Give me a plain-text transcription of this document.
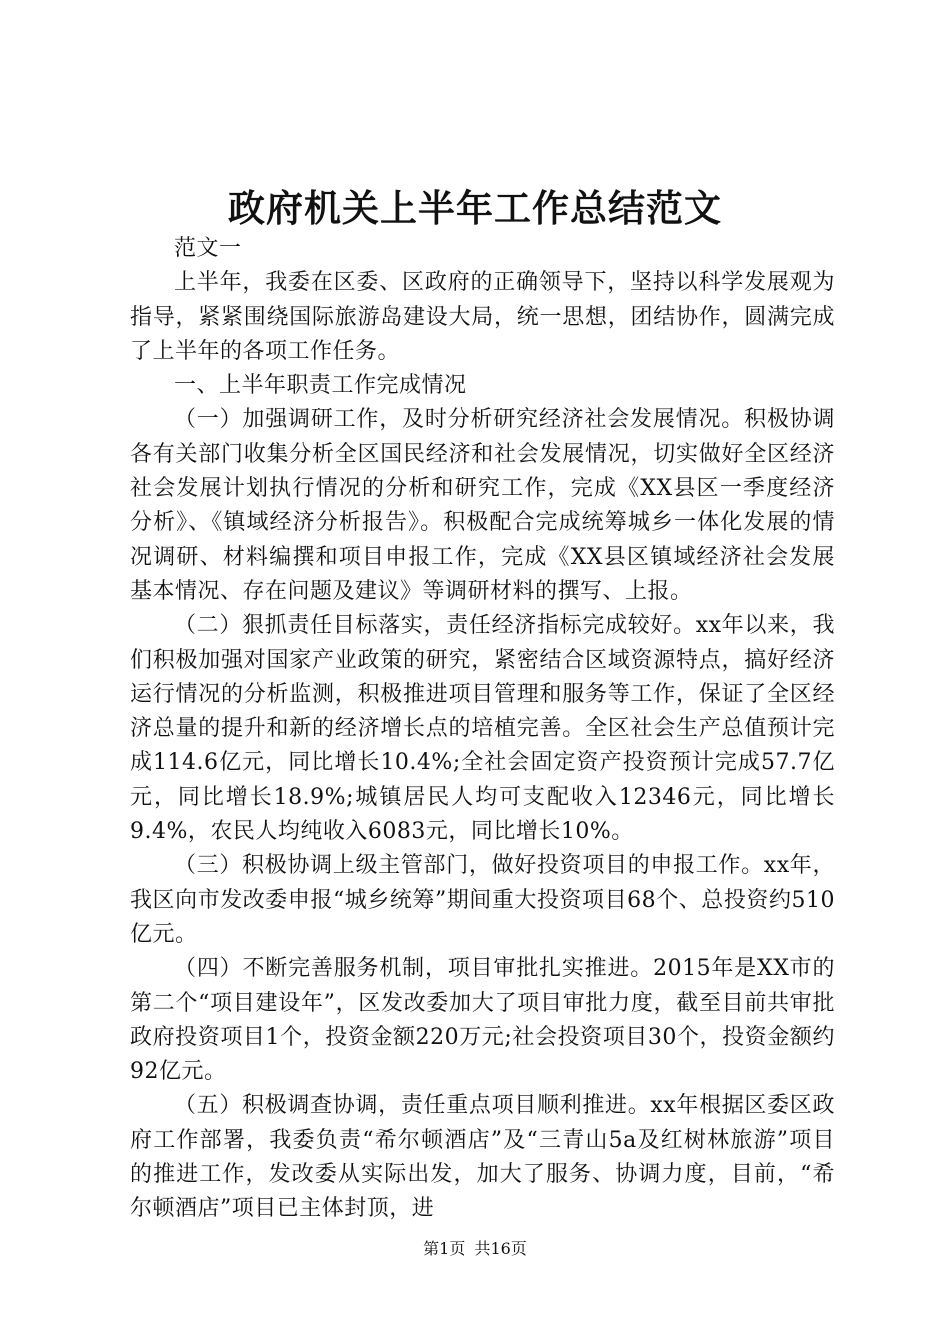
政府机关上半年工作总结范文

范文一

上半年，我委在区委、区政府的正确领导下，坚持以科学发展观为指导，紧紧围绕国际旅游岛建设大局，统一思想，团结协作，圆满完成了上半年的各项工作任务。

一、上半年职责工作完成情况

（一）加强调研工作，及时分析研究经济社会发展情况。积极协调各有关部门收集分析全区国民经济和社会发展情况，切实做好全区经济社会发展计划执行情况的分析和研究工作，完成《XX县区一季度经济分析》、《镇域经济分析报告》。积极配合完成统筹城乡一体化发展的情况调研、材料编撰和项目申报工作，完成《XX县区镇域经济社会发展基本情况、存在问题及建议》等调研材料的撰写、上报。

（二）狠抓责任目标落实，责任经济指标完成较好。xx年以来，我们积极加强对国家产业政策的研究，紧密结合区域资源特点，搞好经济运行情况的分析监测，积极推进项目管理和服务等工作，保证了全区经济总量的提升和新的经济增长点的培植完善。全区社会生产总值预计完成114.6亿元，同比增长10.4%;全社会固定资产投资预计完成57.7亿元，同比增长18.9%;城镇居民人均可支配收入12346元，同比增长9.4%，农民人均纯收入6083元，同比增长10%。

（三）积极协调上级主管部门，做好投资项目的申报工作。xx年，我区向市发改委申报“城乡统筹”期间重大投资项目68个、总投资约510亿元。

（四）不断完善服务机制，项目审批扎实推进。2015年是XX市的第二个“项目建设年”，区发改委加大了项目审批力度，截至目前共审批政府投资项目1个，投资金额220万元;社会投资项目30个，投资金额约92亿元。

（五）积极调查协调，责任重点项目顺利推进。xx年根据区委区政府工作部署，我委负责“希尔顿酒店”及“三青山5a及红树林旅游”项目的推进工作，发改委从实际出发，加大了服务、协调力度，目前，“希尔顿酒店”项目已主体封顶，进

第1页 共16页
